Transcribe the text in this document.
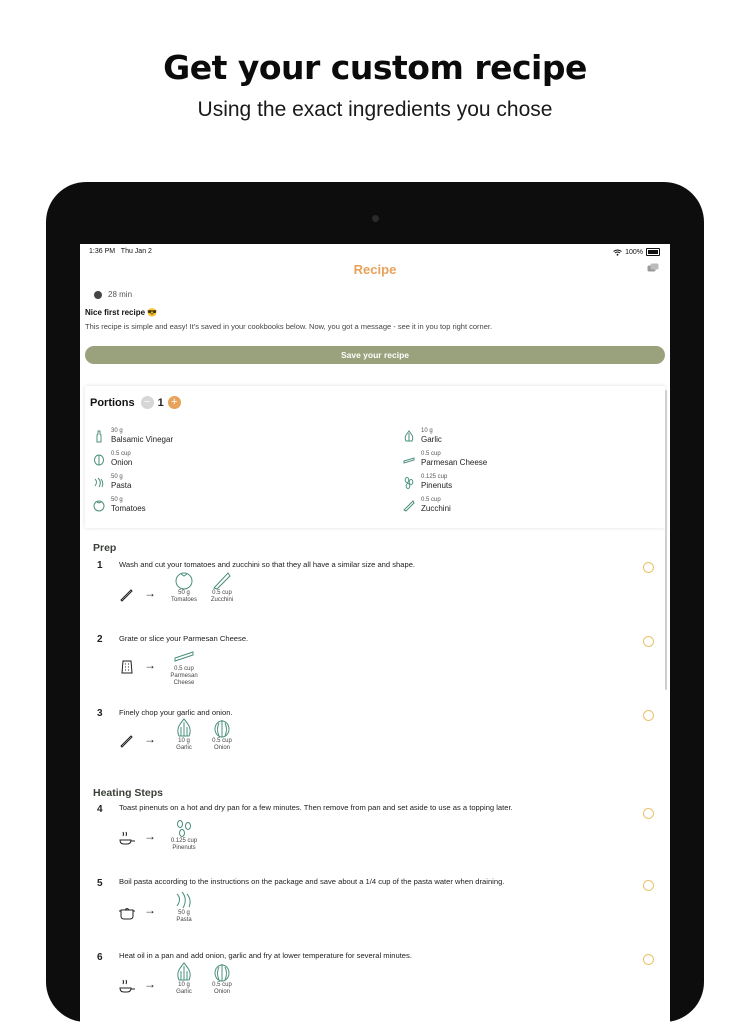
Get your custom recipe
Using the exact ingredients you chose
1:36 PM Thu Jan 2	100%
Recipe
28 min
Nice first recipe 😎
This recipe is simple and easy! It's saved in your cookbooks below. Now, you got a message - see it in you top right corner.
Save your recipe
Portions − 1 +
30 g
Balsamic Vinegar
10 g
Garlic
0.5 cup
Onion
0.5 cup
Parmesan Cheese
50 g
Pasta
0.125 cup
Pinenuts
50 g
Tomatoes
0.5 cup
Zucchini
Prep
1 Wash and cut your tomatoes and zucchini so that they all have a similar size and shape.
→	50 g
Tomatoes
0.5 cup
Zucchini
2 Grate or slice your Parmesan Cheese.
→	0.5 cup
Parmesan Cheese
3 Finely chop your garlic and onion.
→	10 g
Garlic
0.5 cup
Onion
Heating Steps
4 Toast pinenuts on a hot and dry pan for a few minutes. Then remove from pan and set aside to use as a topping later.
→	0.125 cup
Pinenuts
5 Boil pasta according to the instructions on the package and save about a 1/4 cup of the pasta water when draining.
→	50 g
Pasta
6 Heat oil in a pan and add onion, garlic and fry at lower temperature for several minutes.
→	10 g
Garlic
0.5 cup
Onion
